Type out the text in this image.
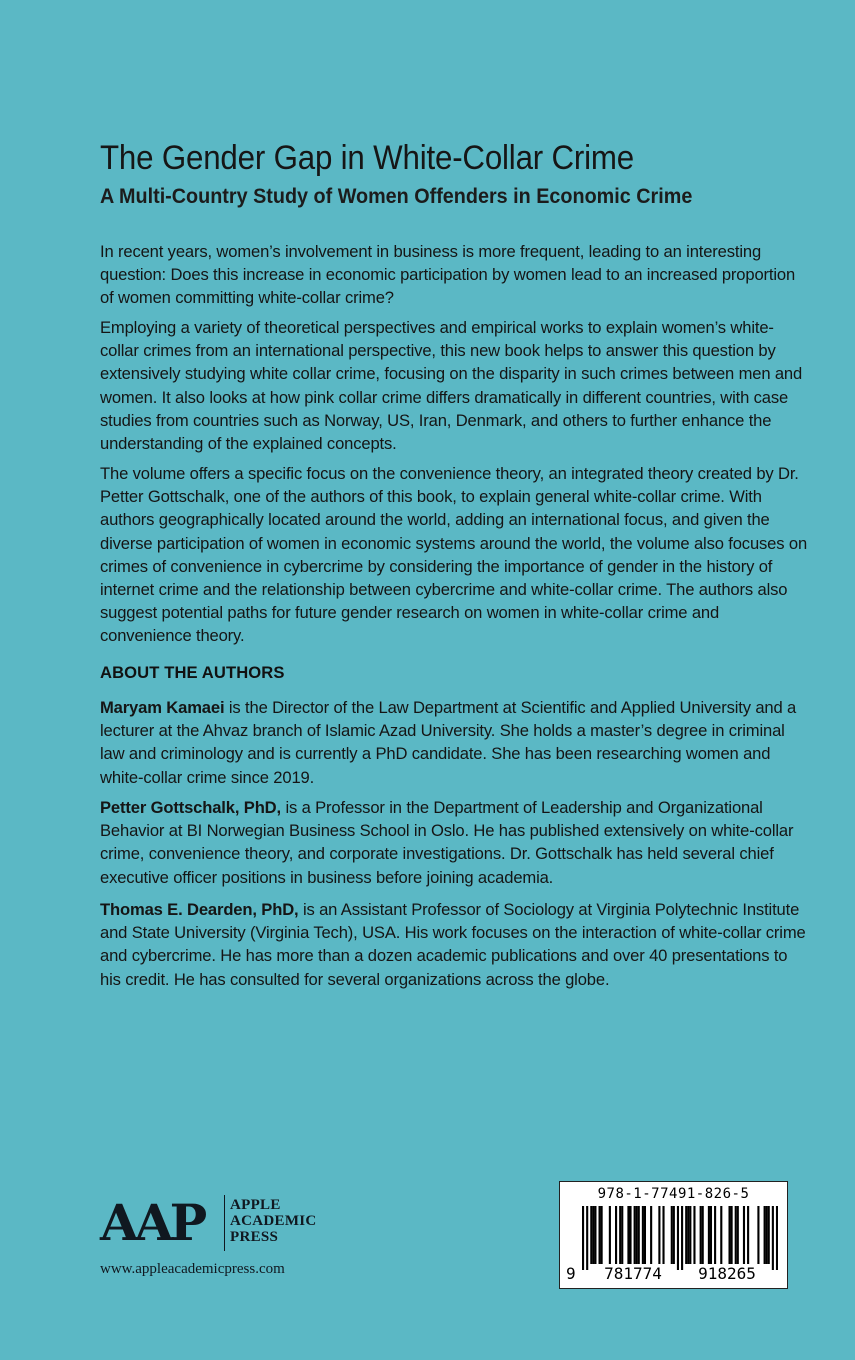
The Gender Gap in White-Collar Crime
A Multi-Country Study of Women Offenders in Economic Crime

In recent years, women’s involvement in business is more frequent, leading to an interesting question: Does this increase in economic participation by women lead to an increased proportion of women committing white-collar crime?

Employing a variety of theoretical perspectives and empirical works to explain women’s white-collar crimes from an international perspective, this new book helps to answer this question by extensively studying white collar crime, focusing on the disparity in such crimes between men and women. It also looks at how pink collar crime differs dramatically in different countries, with case studies from countries such as Norway, US, Iran, Denmark, and others to further enhance the understanding of the explained concepts.

The volume offers a specific focus on the convenience theory, an integrated theory created by Dr. Petter Gottschalk, one of the authors of this book, to explain general white-collar crime. With authors geographically located around the world, adding an international focus, and given the diverse participation of women in economic systems around the world, the volume also focuses on crimes of convenience in cybercrime by considering the importance of gender in the history of internet crime and the relationship between cybercrime and white-collar crime. The authors also suggest potential paths for future gender research on women in white-collar crime and convenience theory.

ABOUT THE AUTHORS

Maryam Kamaei is the Director of the Law Department at Scientific and Applied University and a lecturer at the Ahvaz branch of Islamic Azad University. She holds a master’s degree in criminal law and criminology and is currently a PhD candidate. She has been researching women and white-collar crime since 2019.

Petter Gottschalk, PhD, is a Professor in the Department of Leadership and Organizational Behavior at BI Norwegian Business School in Oslo. He has published extensively on white-collar crime, convenience theory, and corporate investigations. Dr. Gottschalk has held several chief executive officer positions in business before joining academia.

Thomas E. Dearden, PhD, is an Assistant Professor of Sociology at Virginia Polytechnic Institute and State University (Virginia Tech), USA. His work focuses on the interaction of white-collar crime and cybercrime. He has more than a dozen academic publications and over 40 presentations to his credit. He has consulted for several organizations across the globe.

AAP APPLE
ACADEMIC
PRESS
www.appleacademicpress.com
978-1-77491-826-5
9	781774	918265
